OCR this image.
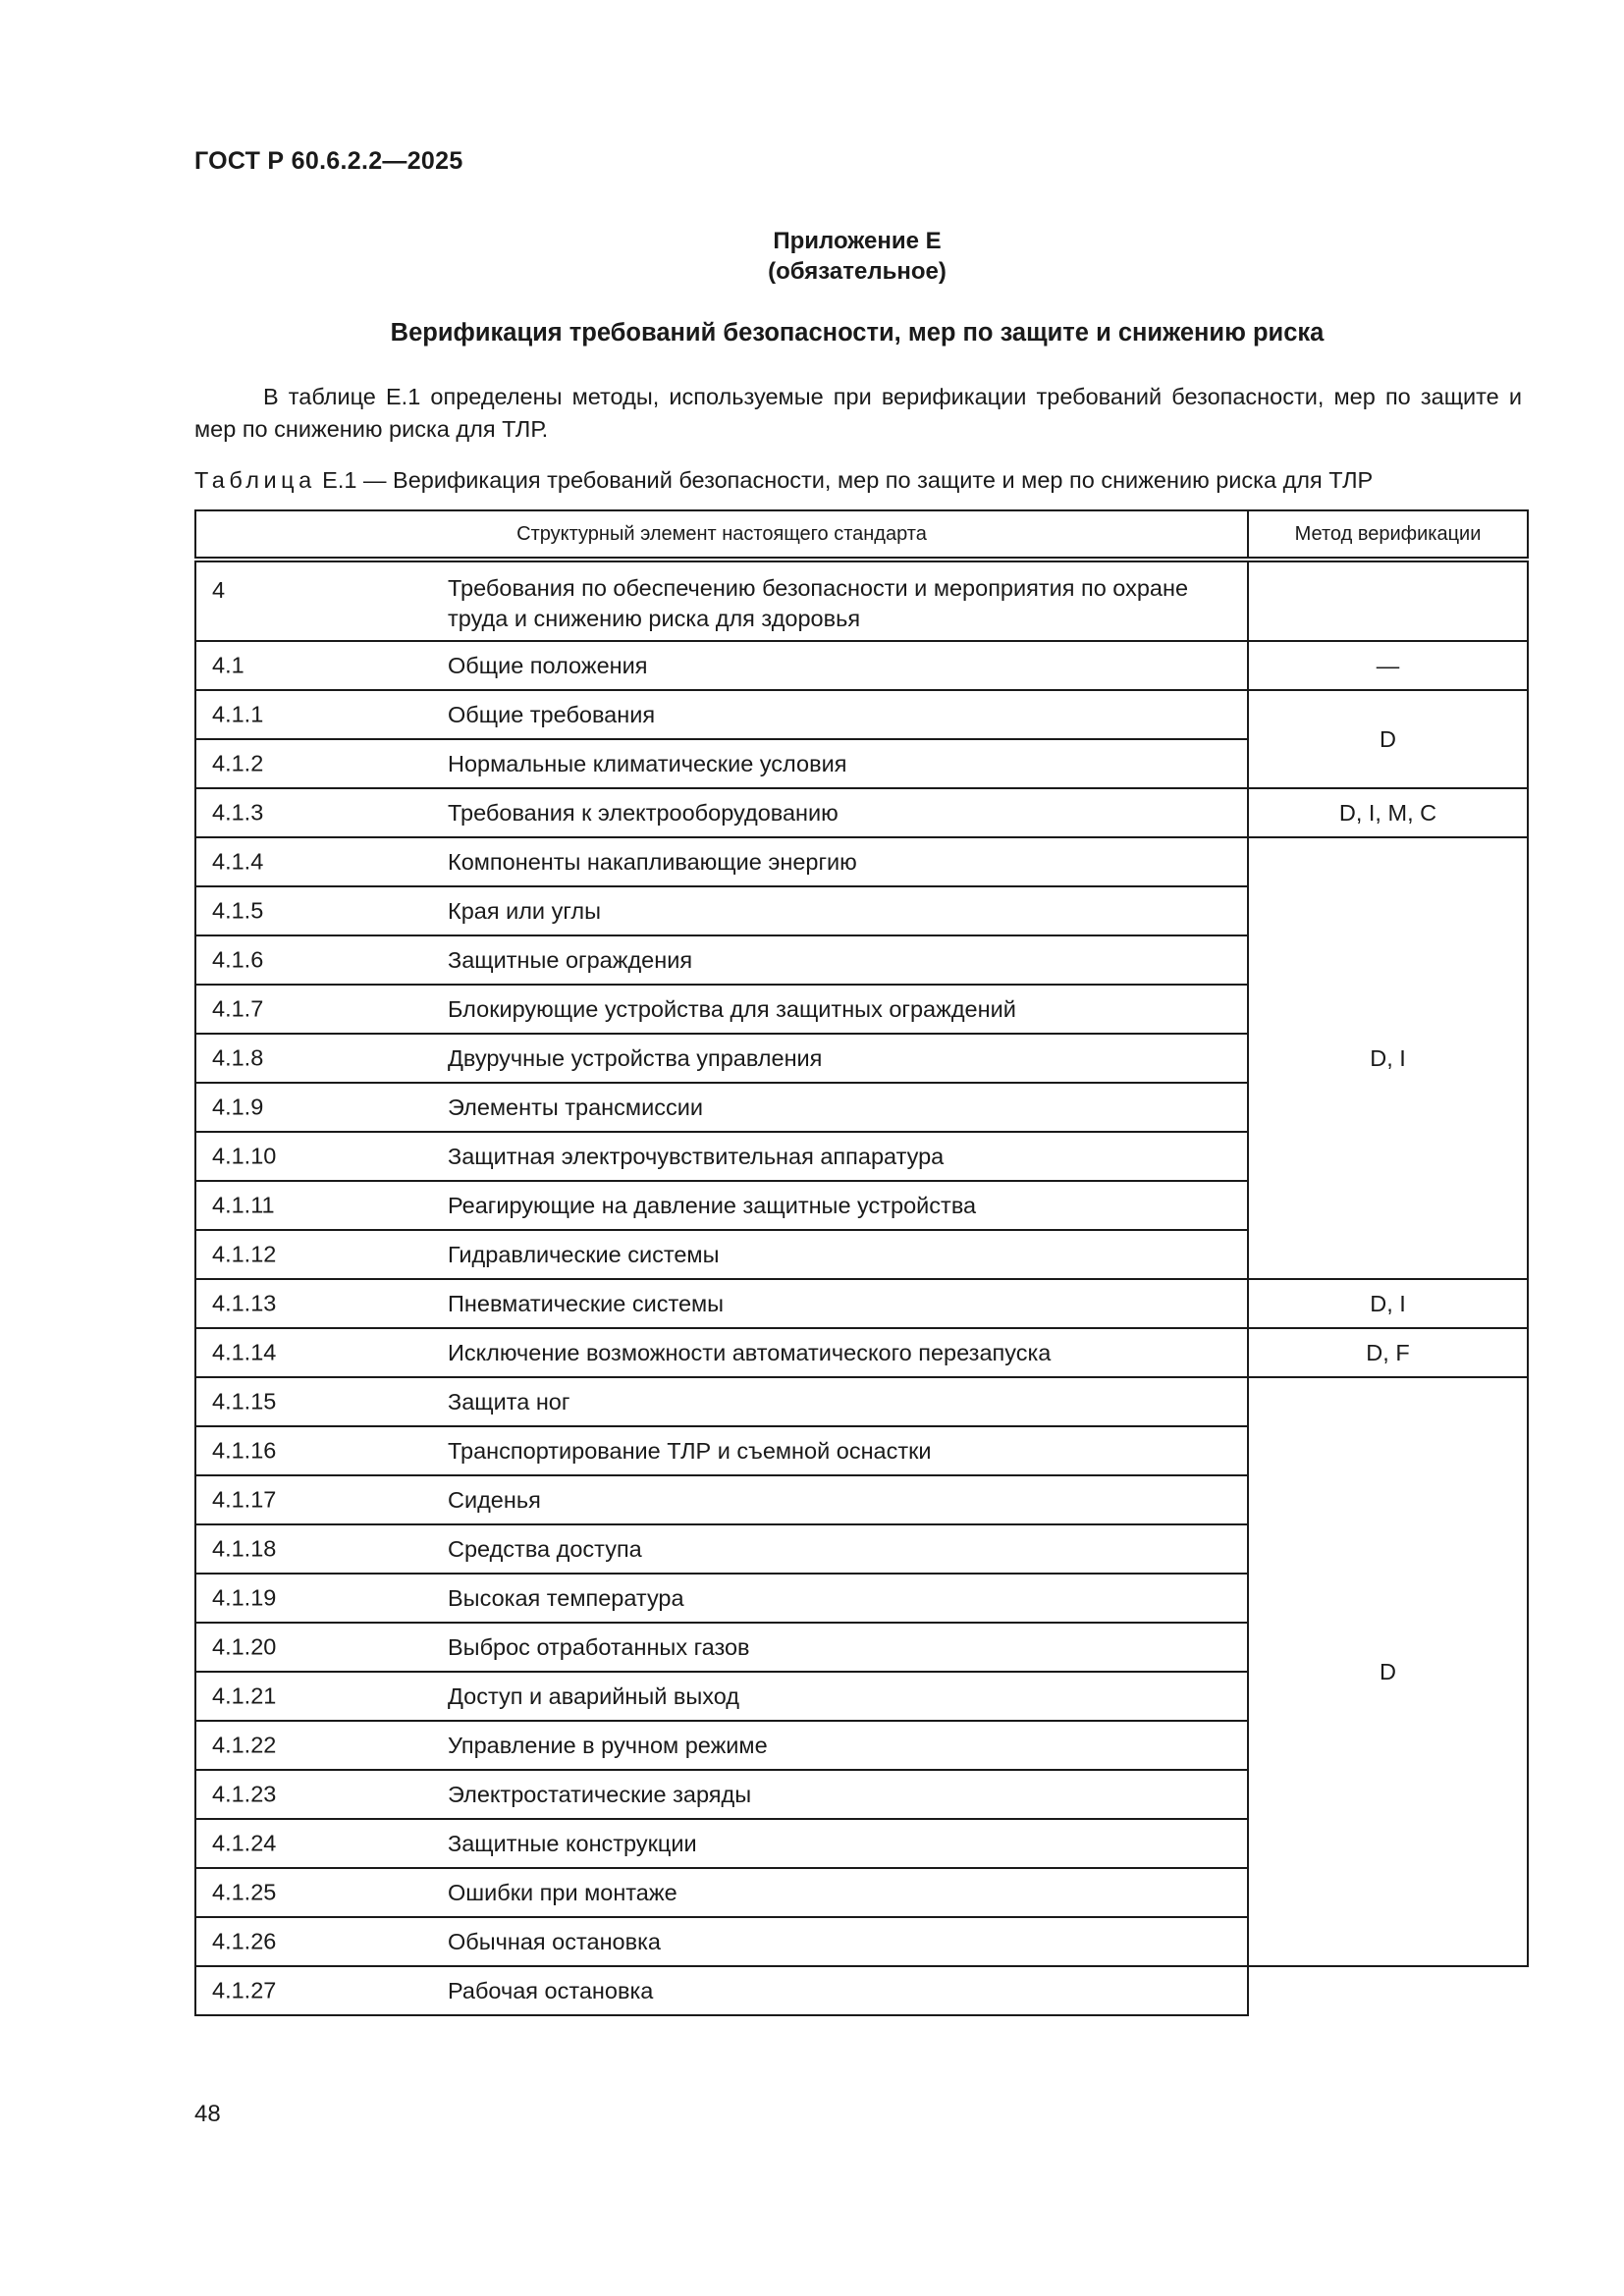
ГОСТ Р 60.6.2.2—2025
Приложение Е
(обязательное)
Верификация требований безопасности, мер по защите и снижению риска
В таблице Е.1 определены методы, используемые при верификации требований безопасности, мер по защите и мер по снижению риска для ТЛР.
Таблица Е.1 — Верификация требований безопасности, мер по защите и мер по снижению риска для ТЛР
Структурный элемент настоящего стандарта	Метод верификации

4 Требования по обеспечению безопасности и мероприятия по охране труда и снижению риска для здоровья	

4.1 Общие положения	—

4.1.1 Общие требования	D

4.1.2 Нормальные климатические условия	

4.1.3 Требования к электрооборудованию	D, I, M, C

4.1.4 Компоненты накапливающие энергию	D, I

4.1.5 Края или углы	

4.1.6 Защитные ограждения	

4.1.7 Блокирующие устройства для защитных ограждений	

4.1.8 Двуручные устройства управления	

4.1.9 Элементы трансмиссии	

4.1.10 Защитная электрочувствительная аппаратура	

4.1.11 Реагирующие на давление защитные устройства	

4.1.12 Гидравлические системы	

4.1.13 Пневматические системы	D, I

4.1.14 Исключение возможности автоматического перезапуска	D, F

4.1.15 Защита ног	D

4.1.16 Транспортирование ТЛР и съемной оснастки	

4.1.17 Сиденья	

4.1.18 Средства доступа	

4.1.19 Высокая температура	

4.1.20 Выброс отработанных газов	

4.1.21 Доступ и аварийный выход	

4.1.22 Управление в ручном режиме	

4.1.23 Электростатические заряды	

4.1.24 Защитные конструкции	

4.1.25 Ошибки при монтаже	

4.1.26 Обычная остановка	

4.1.27 Рабочая остановка	
48
